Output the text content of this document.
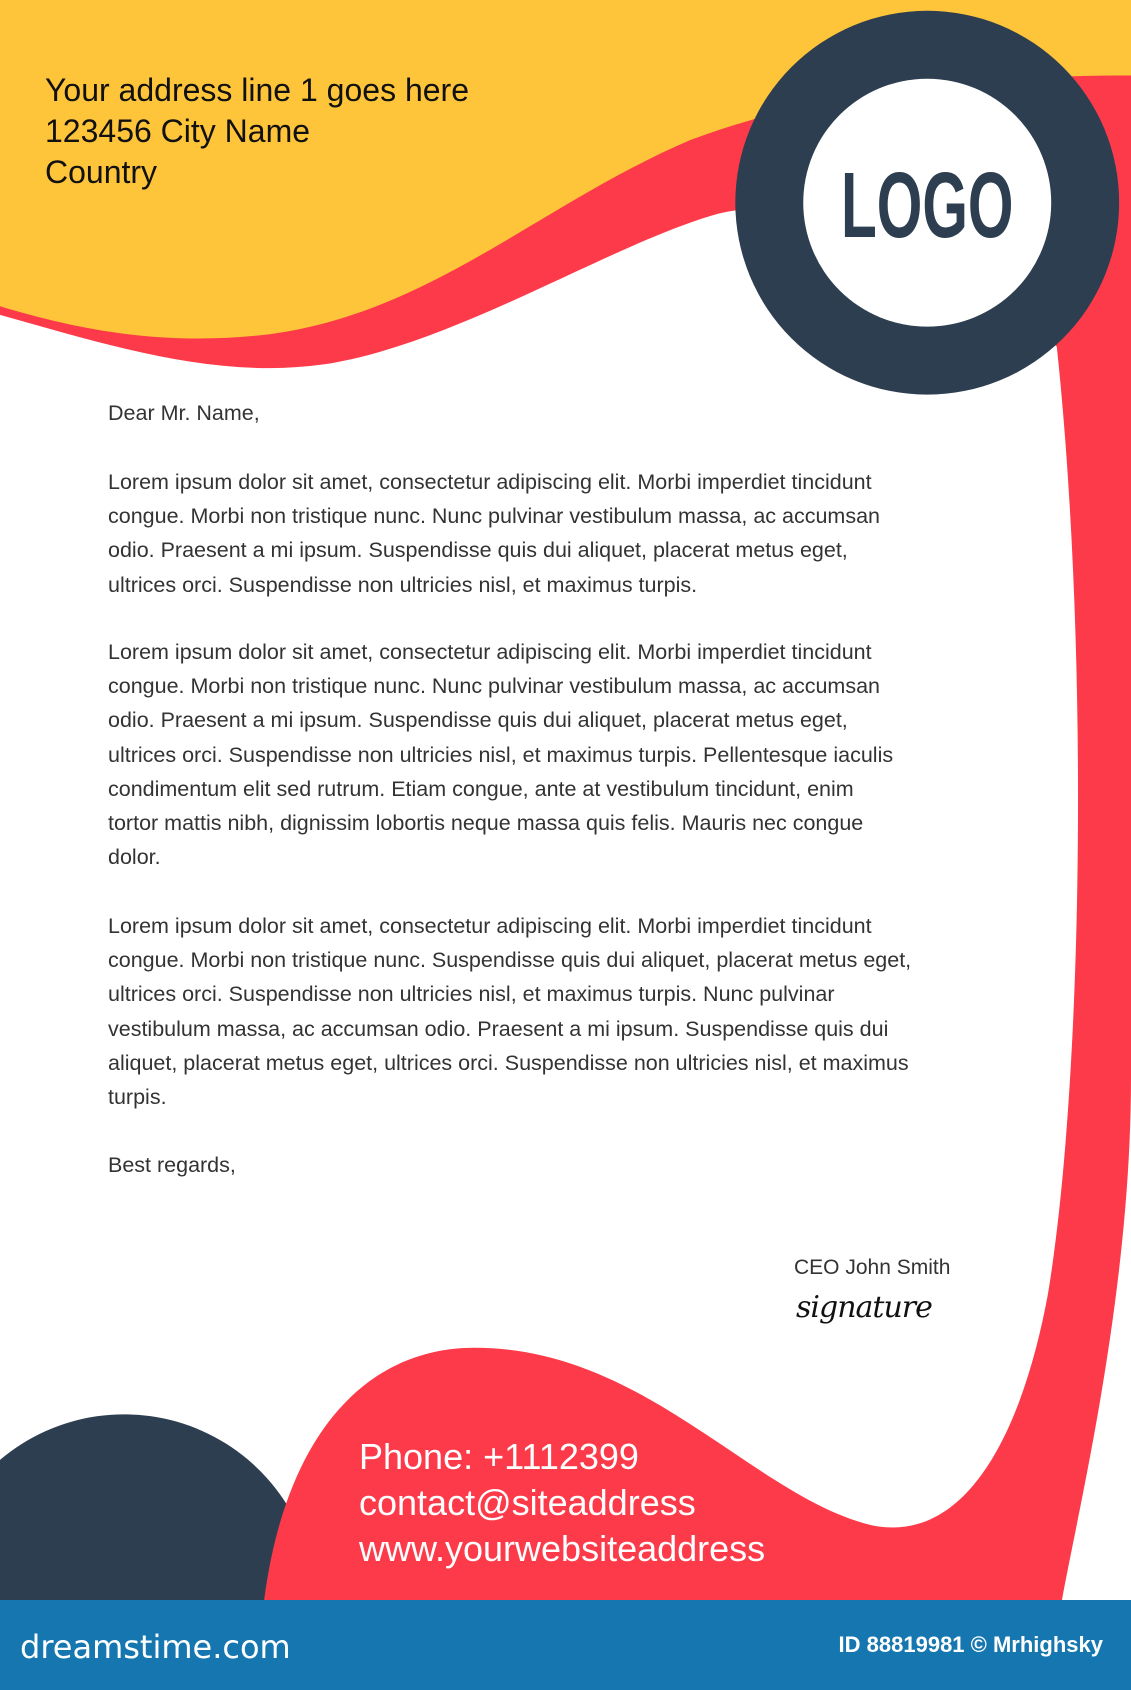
LOGO
Your address line 1 goes here
123456 City Name
Country
Dear Mr. Name,
Lorem ipsum dolor sit amet, consectetur adipiscing elit. Morbi imperdiet tincidunt
congue. Morbi non tristique nunc. Nunc pulvinar vestibulum massa, ac accumsan
odio. Praesent a mi ipsum. Suspendisse quis dui aliquet, placerat metus eget,
ultrices orci. Suspendisse non ultricies nisl, et maximus turpis.
Lorem ipsum dolor sit amet, consectetur adipiscing elit. Morbi imperdiet tincidunt
congue. Morbi non tristique nunc. Nunc pulvinar vestibulum massa, ac accumsan
odio. Praesent a mi ipsum. Suspendisse quis dui aliquet, placerat metus eget,
ultrices orci. Suspendisse non ultricies nisl, et maximus turpis. Pellentesque iaculis
condimentum elit sed rutrum. Etiam congue, ante at vestibulum tincidunt, enim
tortor mattis nibh, dignissim lobortis neque massa quis felis. Mauris nec congue
dolor.
Lorem ipsum dolor sit amet, consectetur adipiscing elit. Morbi imperdiet tincidunt
congue. Morbi non tristique nunc. Suspendisse quis dui aliquet, placerat metus eget,
ultrices orci. Suspendisse non ultricies nisl, et maximus turpis. Nunc pulvinar
vestibulum massa, ac accumsan odio. Praesent a mi ipsum. Suspendisse quis dui
aliquet, placerat metus eget, ultrices orci. Suspendisse non ultricies nisl, et maximus
turpis.
Best regards,
CEO John Smith
signature
Phone: +1112399
contact@siteaddress
www.yourwebsiteaddress
dreamstime.com	ID 88819981 © Mrhighsky
